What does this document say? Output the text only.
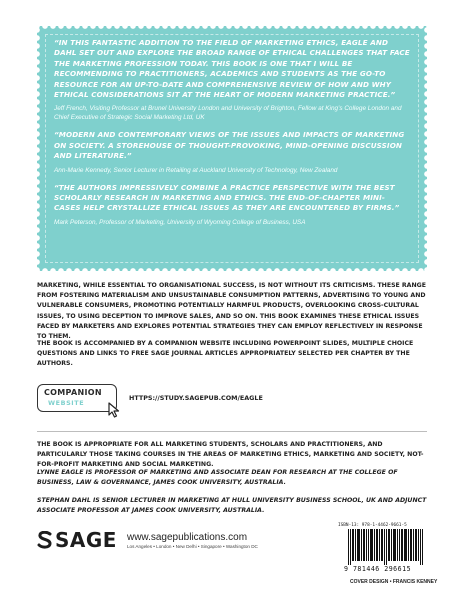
“IN THIS FANTASTIC ADDITION TO THE FIELD OF MARKETING ETHICS, EAGLE AND DAHL SET OUT AND EXPLORE THE BROAD RANGE OF ETHICAL CHALLENGES THAT FACE THE MARKETING PROFESSION TODAY. THIS BOOK IS ONE THAT I WILL BE RECOMMENDING TO PRACTITIONERS, ACADEMICS AND STUDENTS AS THE GO-TO RESOURCE FOR AN UP-TO-DATE AND COMPREHENSIVE REVIEW OF HOW AND WHY ETHICAL CONSIDERATIONS SIT AT THE HEART OF MODERN MARKETING PRACTICE.”

Jeff French, Visiting Professor at Brunel University London and University of Brighton, Fellow at King’s College London and Chief Executive of Strategic Social Marketing Ltd, UK

“MODERN AND CONTEMPORARY VIEWS OF THE ISSUES AND IMPACTS OF MARKETING ON SOCIETY. A STOREHOUSE OF THOUGHT-PROVOKING, MIND-OPENING DISCUSSION AND LITERATURE.”

Ann-Marie Kennedy, Senior Lecturer in Retailing at Auckland University of Technology, New Zealand

“THE AUTHORS IMPRESSIVELY COMBINE A PRACTICE PERSPECTIVE WITH THE BEST SCHOLARLY RESEARCH IN MARKETING AND ETHICS. THE END-OF-CHAPTER MINI-CASES HELP CRYSTALLIZE ETHICAL ISSUES AS THEY ARE ENCOUNTERED BY FIRMS.”

Mark Peterson, Professor of Marketing, University of Wyoming College of Business, USA

MARKETING, WHILE ESSENTIAL TO ORGANISATIONAL SUCCESS, IS NOT WITHOUT ITS CRITICISMS. THESE RANGE FROM FOSTERING MATERIALISM AND UNSUSTAINABLE CONSUMPTION PATTERNS, ADVERTISING TO YOUNG AND VULNERABLE CONSUMERS, PROMOTING POTENTIALLY HARMFUL PRODUCTS, OVERLOOKING CROSS-CULTURAL ISSUES, TO USING DECEPTION TO IMPROVE SALES, AND SO ON. THIS BOOK EXAMINES THESE ETHICAL ISSUES FACED BY MARKETERS AND EXPLORES POTENTIAL STRATEGIES THEY CAN EMPLOY REFLECTIVELY IN RESPONSE TO THEM.

THE BOOK IS ACCOMPANIED BY A COMPANION WEBSITE INCLUDING POWERPOINT SLIDES, MULTIPLE CHOICE QUESTIONS AND LINKS TO FREE SAGE JOURNAL ARTICLES APPROPRIATELY SELECTED PER CHAPTER BY THE AUTHORS.

COMPANION
WEBSITE
HTTPS://STUDY.SAGEPUB.COM/EAGLE

THE BOOK IS APPROPRIATE FOR ALL MARKETING STUDENTS, SCHOLARS AND PRACTITIONERS, AND PARTICULARLY THOSE TAKING COURSES IN THE AREAS OF MARKETING ETHICS, MARKETING AND SOCIETY, NOT-FOR-PROFIT MARKETING AND SOCIAL MARKETING.

LYNNE EAGLE IS PROFESSOR OF MARKETING AND ASSOCIATE DEAN FOR RESEARCH AT THE COLLEGE OF BUSINESS, LAW & GOVERNANCE, JAMES COOK UNIVERSITY, AUSTRALIA.

STEPHAN DAHL IS SENIOR LECTURER IN MARKETING AT HULL UNIVERSITY BUSINESS SCHOOL, UK AND ADJUNCT ASSOCIATE PROFESSOR AT JAMES COOK UNIVERSITY, AUSTRALIA.

SAGE www.sagepublications.com
Los Angeles • London • New Delhi • Singapore • Washington DC
ISBN-13: 978-1-4462-9661-5
9 781446 296615
COVER DESIGN • FRANCIS KENNEY
